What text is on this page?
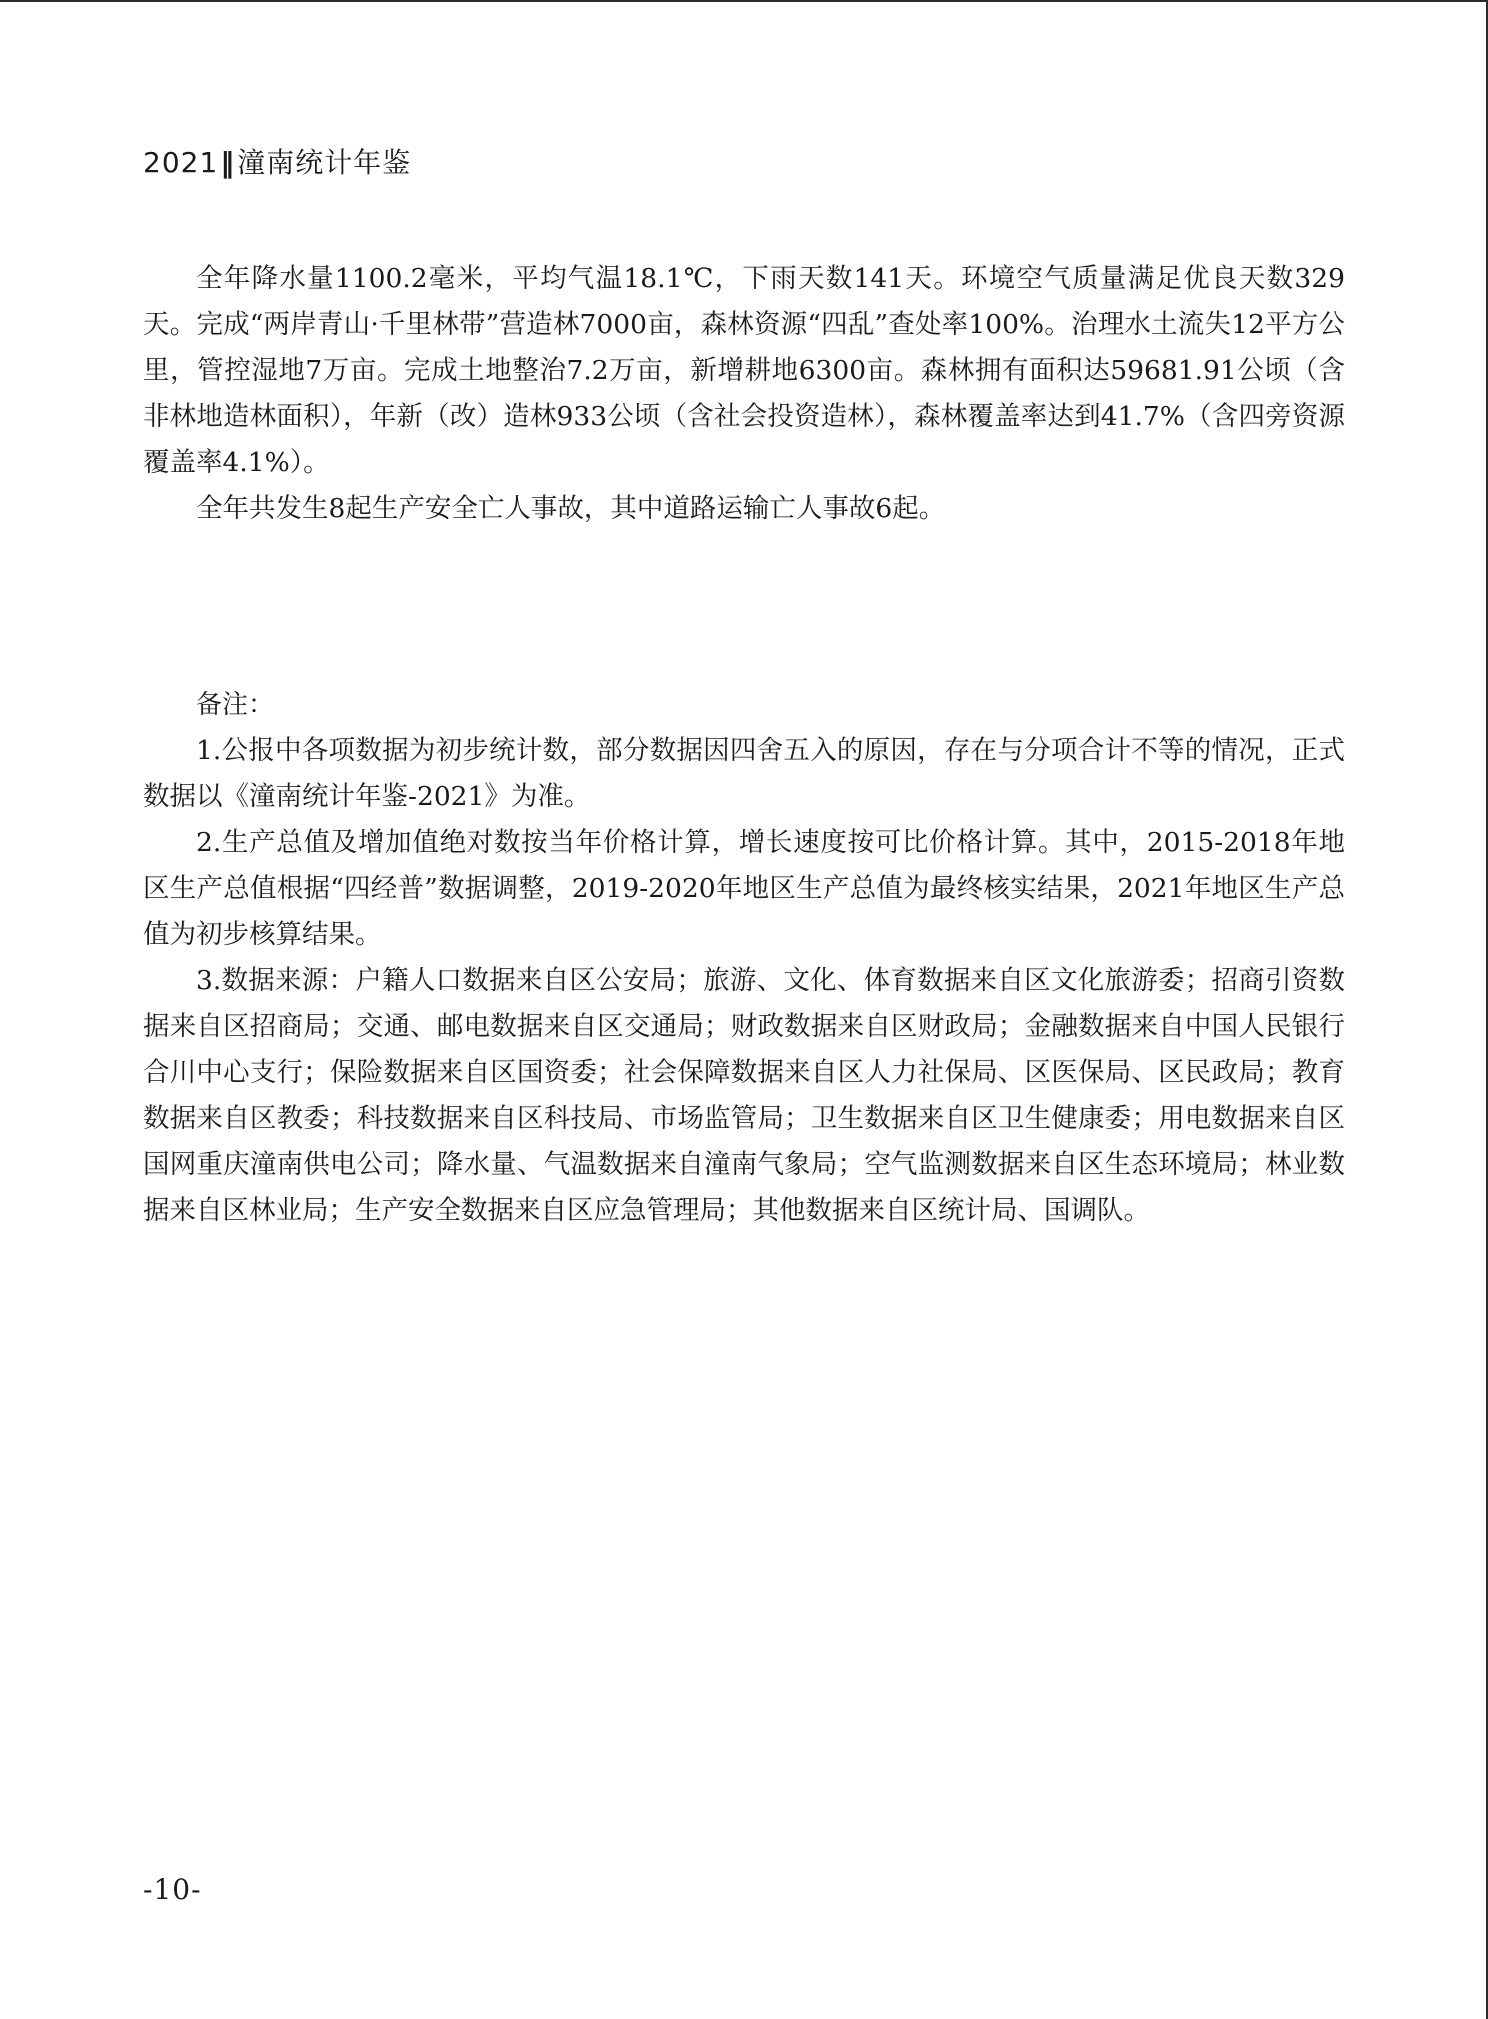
2021‖潼南统计年鉴

全年降水量1100.2毫米，平均气温18.1℃，下雨天数141天。环境空气质量满足优良天数329天。完成“两岸青山·千里林带”营造林7000亩，森林资源“四乱”查处率100%。治理水土流失12平方公里，管控湿地7万亩。完成土地整治7.2万亩，新增耕地6300亩。森林拥有面积达59681.91公顷（含非林地造林面积），年新（改）造林933公顷（含社会投资造林），森林覆盖率达到41.7%（含四旁资源覆盖率4.1%）。

全年共发生8起生产安全亡人事故，其中道路运输亡人事故6起。

备注：

1.公报中各项数据为初步统计数，部分数据因四舍五入的原因，存在与分项合计不等的情况，正式数据以《潼南统计年鉴-2021》为准。

2.生产总值及增加值绝对数按当年价格计算，增长速度按可比价格计算。其中，2015-2018年地区生产总值根据“四经普”数据调整，2019-2020年地区生产总值为最终核实结果，2021年地区生产总值为初步核算结果。

3.数据来源：户籍人口数据来自区公安局；旅游、文化、体育数据来自区文化旅游委；招商引资数据来自区招商局；交通、邮电数据来自区交通局；财政数据来自区财政局；金融数据来自中国人民银行合川中心支行；保险数据来自区国资委；社会保障数据来自区人力社保局、区医保局、区民政局；教育数据来自区教委；科技数据来自区科技局、市场监管局；卫生数据来自区卫生健康委；用电数据来自区国网重庆潼南供电公司；降水量、气温数据来自潼南气象局；空气监测数据来自区生态环境局；林业数据来自区林业局；生产安全数据来自区应急管理局；其他数据来自区统计局、国调队。

-10-
